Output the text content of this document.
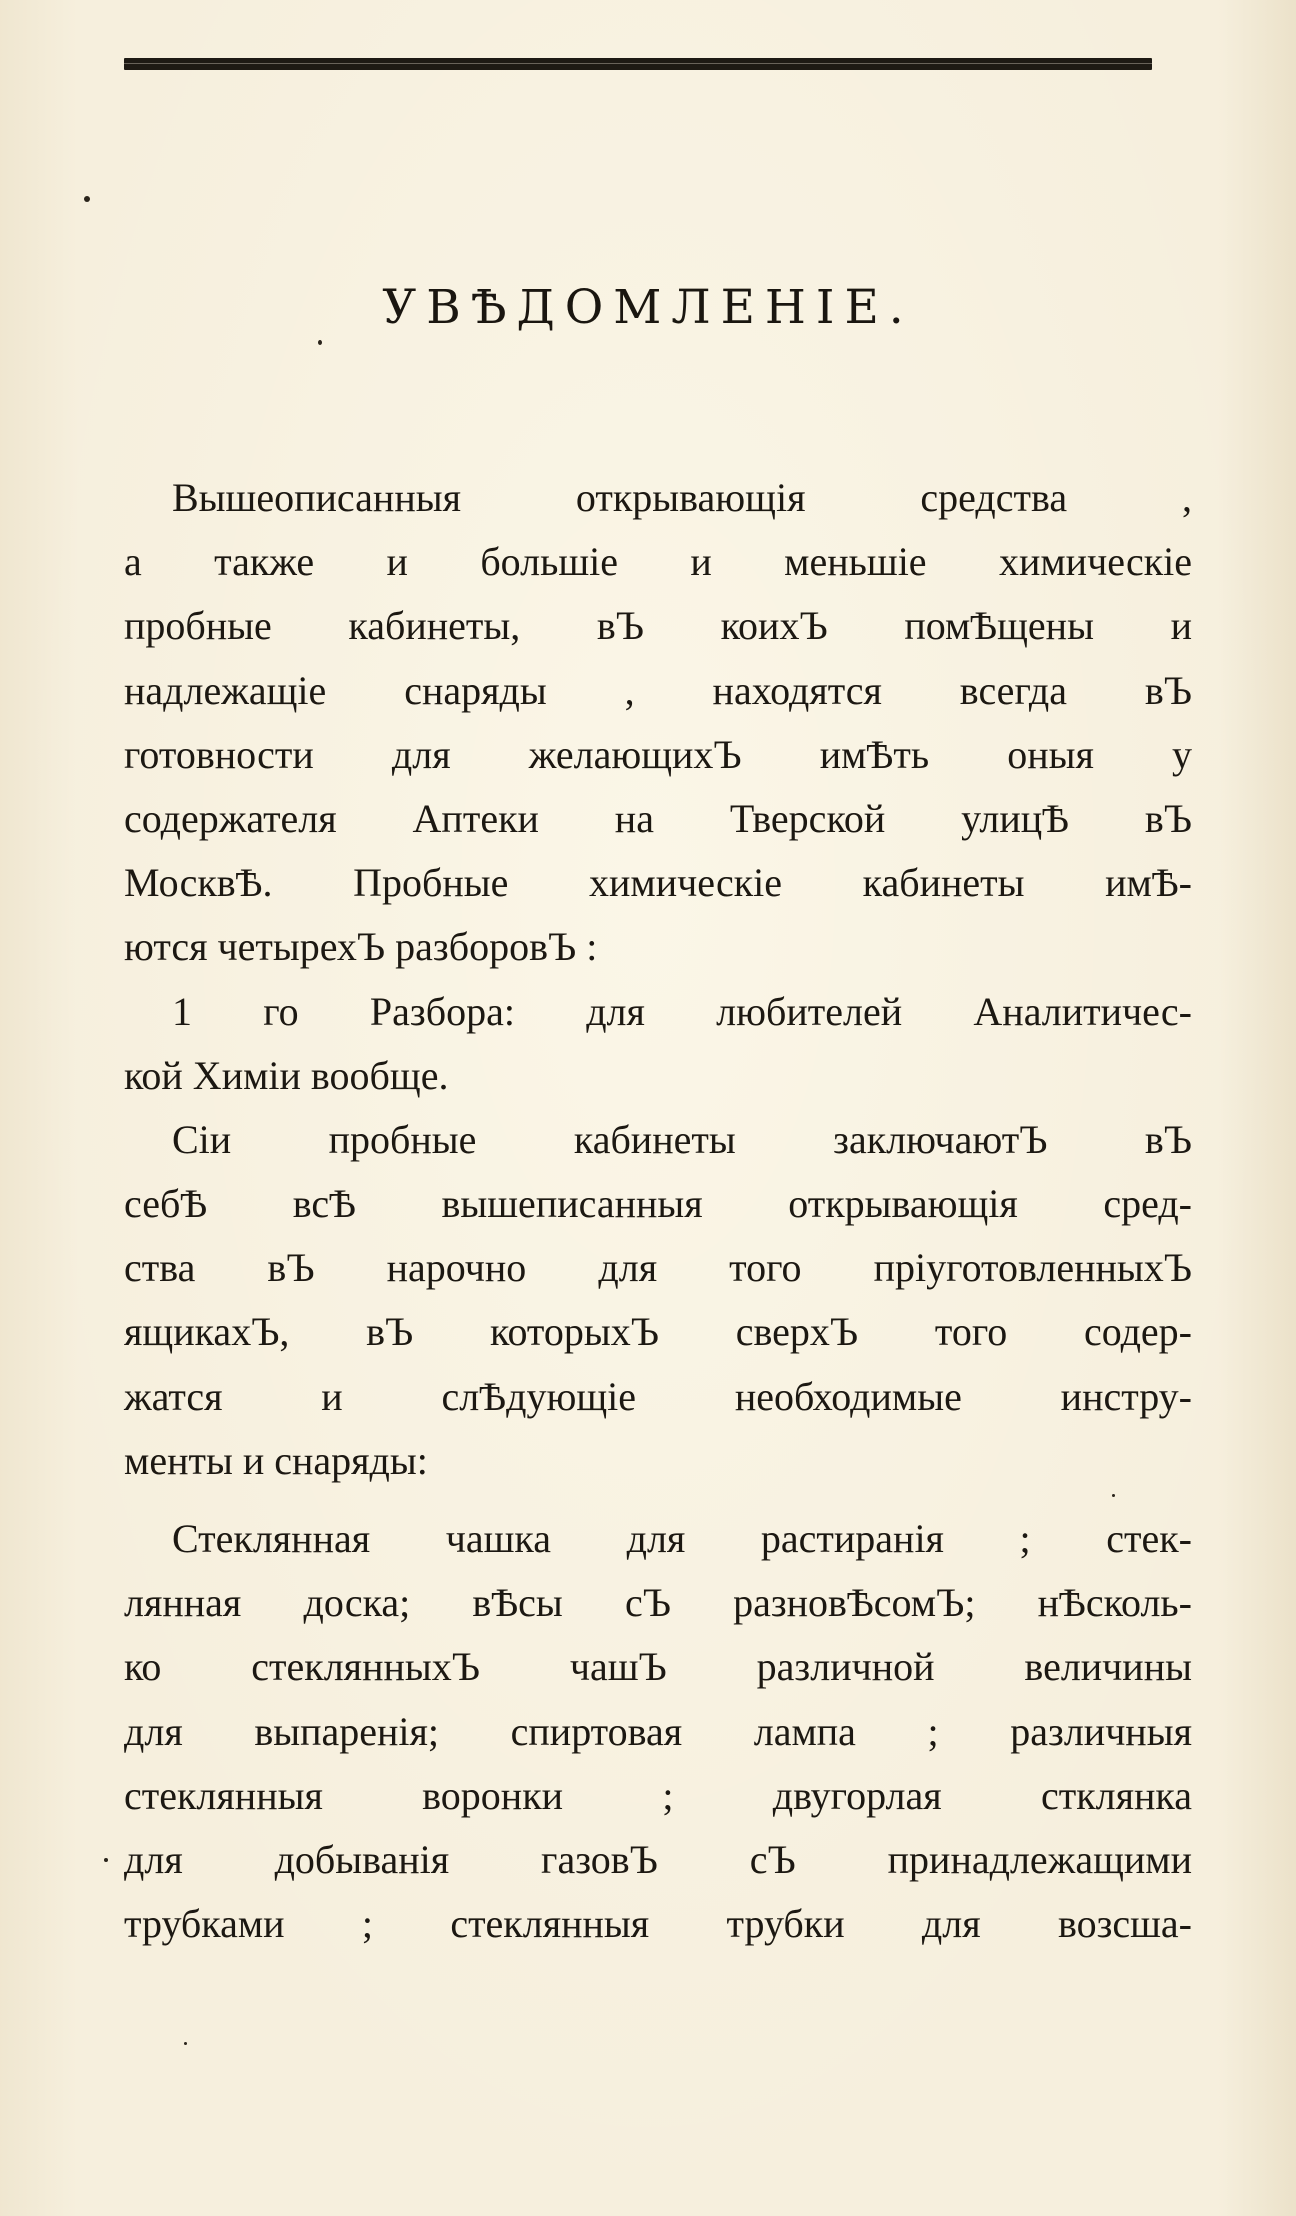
УВѢДОМЛЕНІЕ.
Вышеописанныя открывающія средства ,
а также и большіе и меньшіе химическіе
пробные кабинеты, вЪ коихЪ помѢщены и
надлежащіе снаряды , находятся всегда вЪ
готовности для желающихЪ имѢть оныя у
содержателя Аптеки на Тверской улицѢ вЪ
МосквѢ. Пробные химическіе кабинеты имѢ-
ются четырехЪ разборовЪ :
1 го Разбора: для любителей Аналитичес-
кой Химіи вообще.
Сіи пробные кабинеты заключаютЪ вЪ
себѢ всѢ вышеписанныя открывающія сред-
ства вЪ нарочно для того пріуготовленныхЪ
ящикахЪ, вЪ которыхЪ сверхЪ того содер-
жатся и слѢдующіе необходимые инстру-
менты и снаряды:
Стеклянная чашка для растиранія ; стек-
лянная доска; вѢсы сЪ разновѢсомЪ; нѢсколь-
ко стеклянныхЪ чашЪ различной величины
для выпаренія; спиртовая лампа ; различныя
стеклянныя воронки ; двугорлая стклянка
для добыванія газовЪ сЪ принадлежащими
трубками ; стеклянныя трубки для возсша-
